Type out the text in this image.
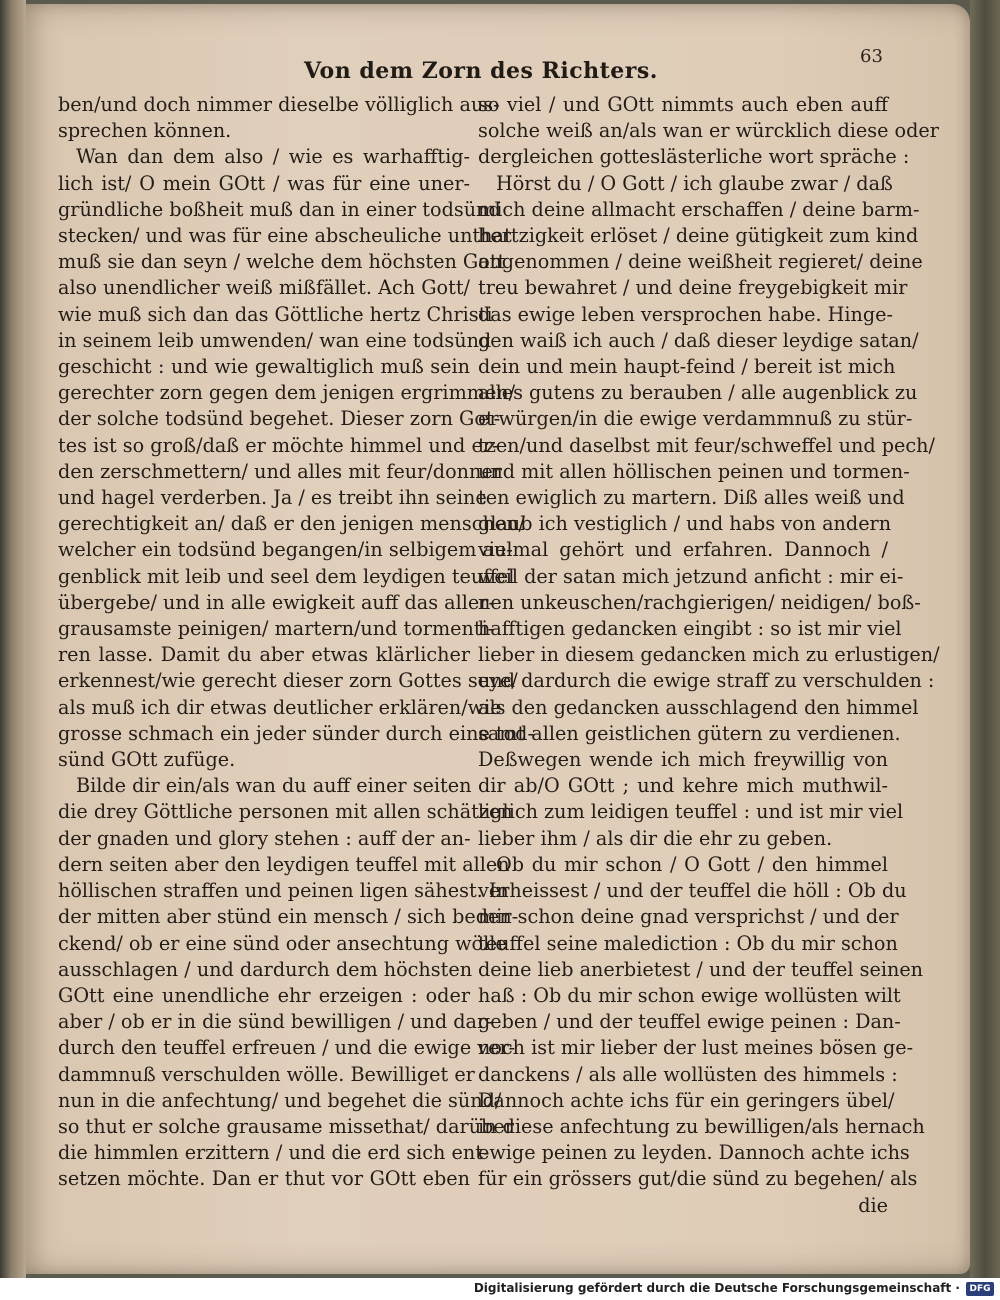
Von dem Zorn des Richters.
63
ben/und doch nimmer dieselbe völliglich aus-
sprechen können.
Wan dan dem also / wie es warhafftig-
lich ist/ O mein GOtt / was für eine uner-
gründliche boßheit muß dan in einer todsünd
stecken/ und was für eine abscheuliche unthat
muß sie dan seyn / welche dem höchsten Gott
also unendlicher weiß mißfället. Ach Gott/
wie muß sich dan das Göttliche hertz Christi
in seinem leib umwenden/ wan eine todsünd
geschicht : und wie gewaltiglich muß sein
gerechter zorn gegen dem jenigen ergrimmen/
der solche todsünd begehet. Dieser zorn Got-
tes ist so groß/daß er möchte himmel und er-
den zerschmettern/ und alles mit feur/donner
und hagel verderben. Ja / es treibt ihn seine
gerechtigkeit an/ daß er den jenigen menschen/
welcher ein todsünd begangen/in selbigem au-
genblick mit leib und seel dem leydigen teuffel
übergebe/ und in alle ewigkeit auff das aller-
grausamste peinigen/ martern/und tormenti-
ren lasse. Damit du aber etwas klärlicher
erkennest/wie gerecht dieser zorn Gottes seye/
als muß ich dir etwas deutlicher erklären/wie
grosse schmach ein jeder sünder durch eine tod-
sünd GOtt zufüge.
Bilde dir ein/als wan du auff einer seiten
die drey Göttliche personen mit allen schätzen
der gnaden und glory stehen : auff der an-
dern seiten aber den leydigen teuffel mit allen
höllischen straffen und peinen ligen sähest. In
der mitten aber stünd ein mensch / sich beden-
ckend/ ob er eine sünd oder ansechtung wölle
ausschlagen / und dardurch dem höchsten
GOtt eine unendliche ehr erzeigen : oder
aber / ob er in die sünd bewilligen / und dar-
durch den teuffel erfreuen / und die ewige ver-
dammnuß verschulden wölle. Bewilliget er
nun in die anfechtung/ und begehet die sünd/
so thut er solche grausame missethat/ darüber
die himmlen erzittern / und die erd sich ent-
setzen möchte. Dan er thut vor GOtt eben
so viel / und GOtt nimmts auch eben auff
solche weiß an/als wan er würcklich diese oder
dergleichen gotteslästerliche wort spräche :
Hörst du / O Gott / ich glaube zwar / daß
mich deine allmacht erschaffen / deine barm-
hertzigkeit erlöset / deine gütigkeit zum kind
angenommen / deine weißheit regieret/ deine
treu bewahret / und deine freygebigkeit mir
das ewige leben versprochen habe. Hinge-
gen waiß ich auch / daß dieser leydige satan/
dein und mein haupt-feind / bereit ist mich
alles gutens zu berauben / alle augenblick zu
erwürgen/in die ewige verdammnuß zu stür-
tzen/und daselbst mit feur/schweffel und pech/
und mit allen höllischen peinen und tormen-
ten ewiglich zu martern. Diß alles weiß und
glaub ich vestiglich / und habs von andern
vielmal gehört und erfahren. Dannoch /
weil der satan mich jetzund anficht : mir ei-
nen unkeuschen/rachgierigen/ neidigen/ boß-
hafftigen gedancken eingibt : so ist mir viel
lieber in diesem gedancken mich zu erlustigen/
und dardurch die ewige straff zu verschulden :
als den gedancken ausschlagend den himmel
samt allen geistlichen gütern zu verdienen.
Deßwegen wende ich mich freywillig von
dir ab/O GOtt ; und kehre mich muthwil-
liglich zum leidigen teuffel : und ist mir viel
lieber ihm / als dir die ehr zu geben.
Ob du mir schon / O Gott / den himmel
verheissest / und der teuffel die höll : Ob du
mir schon deine gnad versprichst / und der
teuffel seine malediction : Ob du mir schon
deine lieb anerbietest / und der teuffel seinen
haß : Ob du mir schon ewige wollüsten wilt
geben / und der teuffel ewige peinen : Dan-
noch ist mir lieber der lust meines bösen ge-
danckens / als alle wollüsten des himmels :
Dannoch achte ichs für ein geringers übel/
in diese anfechtung zu bewilligen/als hernach
ewige peinen zu leyden. Dannoch achte ichs
für ein grössers gut/die sünd zu begehen/ als
die
Digitalisierung gefördert durch die Deutsche Forschungsgemeinschaft ·	DFG
